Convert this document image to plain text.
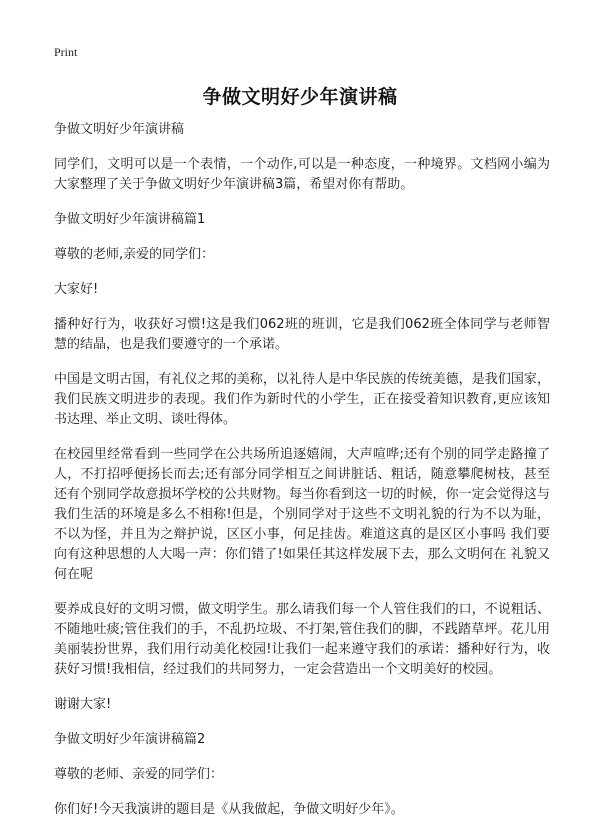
Print
争做文明好少年演讲稿

争做文明好少年演讲稿

同学们，文明可以是一个表情，一个动作,可以是一种态度，一种境界。文档网小编为大家整理了关于争做文明好少年演讲稿3篇，希望对你有帮助。

争做文明好少年演讲稿篇1

尊敬的老师,亲爱的同学们：

大家好!

播种好行为，收获好习惯!这是我们062班的班训，它是我们062班全体同学与老师智慧的结晶，也是我们要遵守的一个承诺。

中国是文明古国，有礼仪之邦的美称，以礼待人是中华民族的传统美德，是我们国家，我们民族文明进步的表现。我们作为新时代的小学生，正在接受着知识教育,更应该知书达理、举止文明、谈吐得体。

在校园里经常看到一些同学在公共场所追逐嬉闹，大声喧哗;还有个别的同学走路撞了人，不打招呼便扬长而去;还有部分同学相互之间讲脏话、粗话，随意攀爬树枝，甚至还有个别同学故意损坏学校的公共财物。每当你看到这一切的时候，你一定会觉得这与我们生活的环境是多么不相称!但是，个别同学对于这些不文明礼貌的行为不以为耻，不以为怪，并且为之辩护说，区区小事，何足挂齿。难道这真的是区区小事吗 我们要向有这种思想的人大喝一声：你们错了!如果任其这样发展下去，那么文明何在 礼貌又何在呢

要养成良好的文明习惯，做文明学生。那么请我们每一个人管住我们的口，不说粗话、不随地吐痰;管住我们的手，不乱扔垃圾、不打架,管住我们的脚，不践踏草坪。花儿用美丽装扮世界，我们用行动美化校园!让我们一起来遵守我们的承诺：播种好行为，收获好习惯!我相信，经过我们的共同努力，一定会营造出一个文明美好的校园。

谢谢大家!

争做文明好少年演讲稿篇2

尊敬的老师、亲爱的同学们：

你们好!今天我演讲的题目是《从我做起，争做文明好少年》。
